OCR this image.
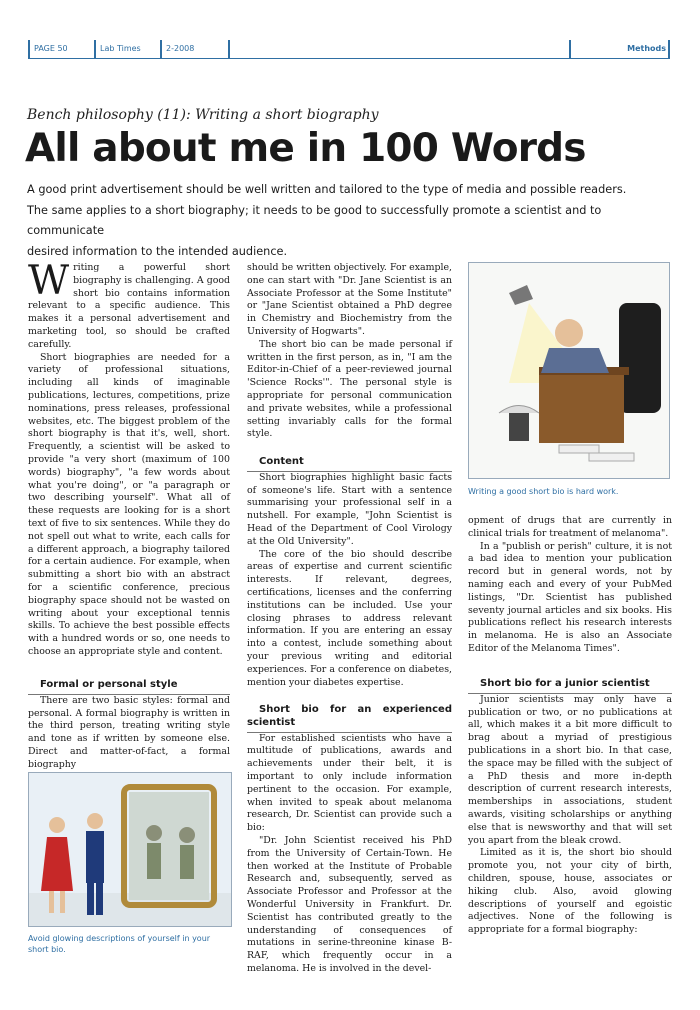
PAGE 50	Lab Times	2-2008	Methods
Bench philosophy (11): Writing a short biography
All about me in 100 Words

A good print advertisement should be well written and tailored to the type of media and possible readers.

The same applies to a short biography; it needs to be good to successfully promote a scientist and to communicate

desired information to the intended audience.

Writing a powerful short biography is challenging. A good short bio contains information relevant to a specific audience. This makes it a personal advertisement and marketing tool, so should be crafted carefully.

Short biographies are needed for a variety of professional situations, including all kinds of imaginable publications, lectures, competitions, prize nominations, press releases, professional websites, etc. The biggest problem of the short biography is that it's, well, short. Frequently, a scientist will be asked to provide "a very short (maximum of 100 words) biography", "a few words about what you're doing", or "a paragraph or two describing yourself". What all of these requests are looking for is a short text of five to six sentences. While they do not spell out what to write, each calls for a different approach, a biography tailored for a certain audience. For example, when submitting a short bio with an abstract for a scientific conference, precious biography space should not be wasted on writing about your exceptional tennis skills. To achieve the best possible effects with a hundred words or so, one needs to choose an appropriate style and content.

Formal or personal style

There are two basic styles: formal and personal. A formal biography is written in the third person, treating writing style and tone as if written by someone else. Direct and matter-of-fact, a formal biography

Avoid glowing descriptions of yourself in your short bio.

should be written objectively. For example, one can start with "Dr. Jane Scientist is an Associate Professor at the Some Institute" or "Jane Scientist obtained a PhD degree in Chemistry and Biochemistry from the University of Hogwarts".

The short bio can be made personal if written in the first person, as in, "I am the Editor-in-Chief of a peer-reviewed journal 'Science Rocks'". The personal style is appropriate for personal communication and private websites, while a professional setting invariably calls for the formal style.

Content

Short biographies highlight basic facts of someone's life. Start with a sentence summarising your professional self in a nutshell. For example, "John Scientist is Head of the Department of Cool Virology at the Old University".

The core of the bio should describe areas of expertise and current scientific interests. If relevant, degrees, certifications, licenses and the conferring institutions can be included. Use your closing phrases to address relevant information. If you are entering an essay into a contest, include something about your previous writing and editorial experiences. For a conference on diabetes, mention your diabetes expertise.

Short bio for an experienced scientist

For established scientists who have a multitude of publications, awards and achievements under their belt, it is important to only include information pertinent to the occasion. For example, when invited to speak about melanoma research, Dr. Scientist can provide such a bio:

"Dr. John Scientist received his PhD from the University of Certain-Town. He then worked at the Institute of Probable Research and, subsequently, served as Associate Professor and Professor at the Wonderful University in Frankfurt. Dr. Scientist has contributed greatly to the understanding of consequences of mutations in serine-threonine kinase B-RAF, which frequently occur in a melanoma. He is involved in the devel-

Writing a good short bio is hard work.

opment of drugs that are currently in clinical trials for treatment of melanoma".

In a "publish or perish" culture, it is not a bad idea to mention your publication record but in general words, not by naming each and every of your PubMed listings, "Dr. Scientist has published seventy journal articles and six books. His publications reflect his research interests in melanoma. He is also an Associate Editor of the Melanoma Times".

Short bio for a junior scientist

Junior scientists may only have a publication or two, or no publications at all, which makes it a bit more difficult to brag about a myriad of prestigious publications in a short bio. In that case, the space may be filled with the subject of a PhD thesis and more in-depth description of current research interests, memberships in associations, student awards, visiting scholarships or anything else that is newsworthy and that will set you apart from the bleak crowd.

Limited as it is, the short bio should promote you, not your city of birth, children, spouse, house, associates or hiking club. Also, avoid glowing descriptions of yourself and egoistic adjectives. None of the following is appropriate for a formal biography:
